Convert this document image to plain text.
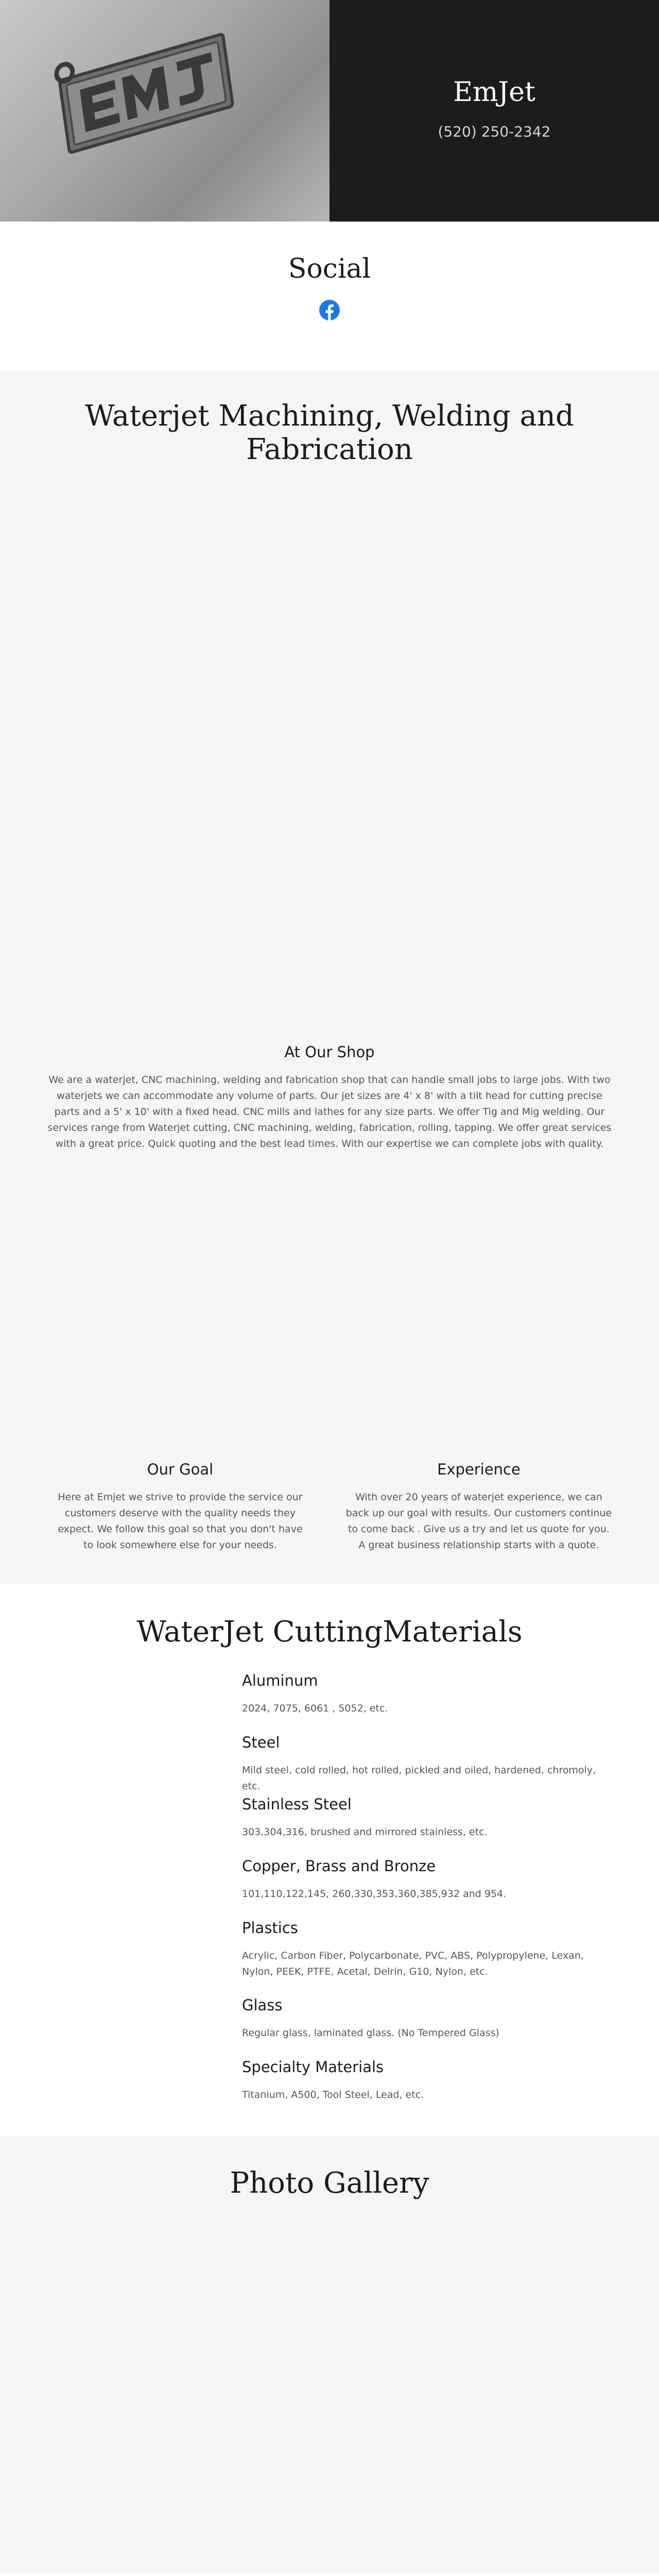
EmJet
(520) 250-2342
Social
Waterjet Machining, Welding and Fabrication
At Our Shop

We are a waterjet, CNC machining, welding and fabrication shop that can handle small jobs to large jobs. With two waterjets we can accommodate any volume of parts. Our jet sizes are 4' x 8' with a tilt head for cutting precise parts and a 5' x 10' with a fixed head. CNC mills and lathes for any size parts. We offer Tig and Mig welding. Our services range from Waterjet cutting, CNC machining, welding, fabrication, rolling, tapping. We offer great services with a great price. Quick quoting and the best lead times. With our expertise we can complete jobs with quality.

Our Goal

Here at Emjet we strive to provide the service our customers deserve with the quality needs they expect. We follow this goal so that you don't have to look somewhere else for your needs.

Experience

With over 20 years of waterjet experience, we can back up our goal with results. Our customers continue to come back . Give us a try and let us quote for you. A great business relationship starts with a quote.

WaterJet CuttingMaterials
Aluminum

2024, 7075, 6061 , 5052, etc.

Steel

Mild steel, cold rolled, hot rolled, pickled and oiled, hardened, chromoly, etc.

Stainless Steel

303,304,316, brushed and mirrored stainless, etc.

Copper, Brass and Bronze

101,110,122,145, 260,330,353,360,385,932 and 954.

Plastics

Acrylic, Carbon Fiber, Polycarbonate, PVC, ABS, Polypropylene, Lexan, Nylon, PEEK, PTFE, Acetal, Delrin, G10, Nylon, etc.

Glass

Regular glass, laminated glass. (No Tempered Glass)

Specialty Materials

Titanium, A500, Tool Steel, Lead, etc.

Photo Gallery
